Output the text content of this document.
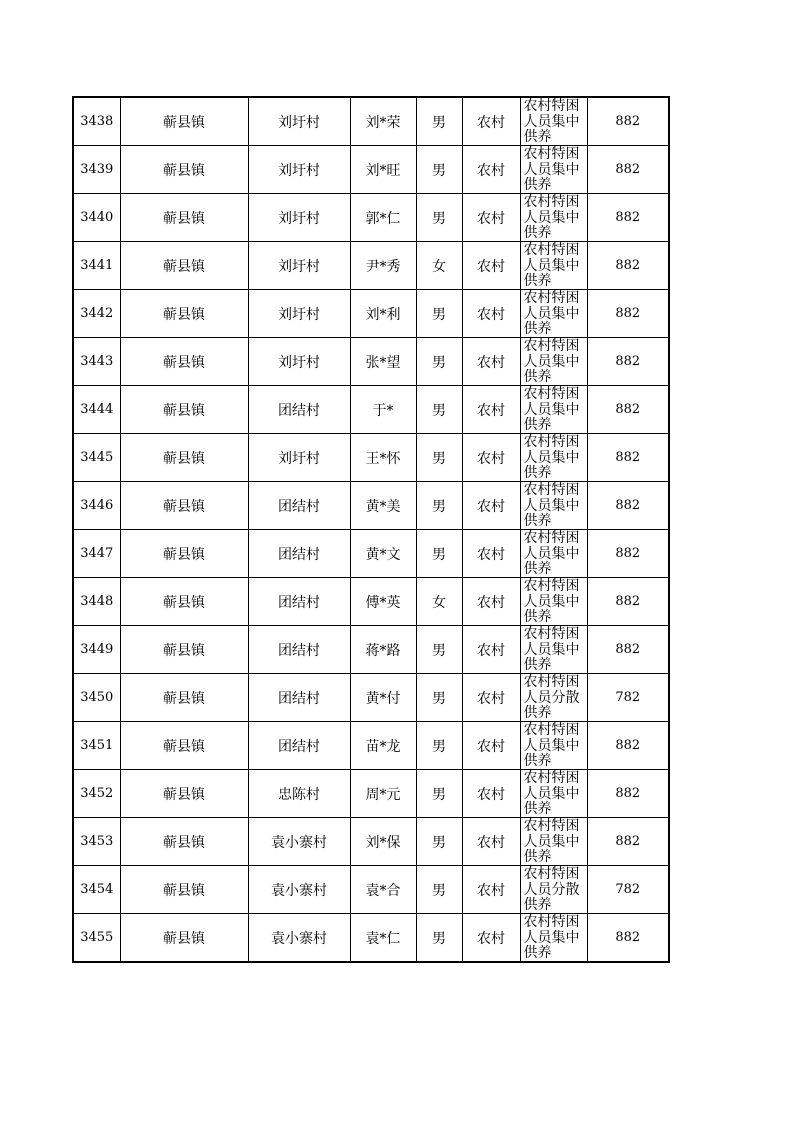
3438	蕲县镇	刘圩村	刘*荣	男	农村	农村特困人员集中供养	882
3439	蕲县镇	刘圩村	刘*旺	男	农村	农村特困人员集中供养	882
3440	蕲县镇	刘圩村	郭*仁	男	农村	农村特困人员集中供养	882
3441	蕲县镇	刘圩村	尹*秀	女	农村	农村特困人员集中供养	882
3442	蕲县镇	刘圩村	刘*利	男	农村	农村特困人员集中供养	882
3443	蕲县镇	刘圩村	张*望	男	农村	农村特困人员集中供养	882
3444	蕲县镇	团结村	于*	男	农村	农村特困人员集中供养	882
3445	蕲县镇	刘圩村	王*怀	男	农村	农村特困人员集中供养	882
3446	蕲县镇	团结村	黄*美	男	农村	农村特困人员集中供养	882
3447	蕲县镇	团结村	黄*文	男	农村	农村特困人员集中供养	882
3448	蕲县镇	团结村	傅*英	女	农村	农村特困人员集中供养	882
3449	蕲县镇	团结村	蒋*路	男	农村	农村特困人员集中供养	882
3450	蕲县镇	团结村	黄*付	男	农村	农村特困人员分散供养	782
3451	蕲县镇	团结村	苗*龙	男	农村	农村特困人员集中供养	882
3452	蕲县镇	忠陈村	周*元	男	农村	农村特困人员集中供养	882
3453	蕲县镇	袁小寨村	刘*保	男	农村	农村特困人员集中供养	882
3454	蕲县镇	袁小寨村	袁*合	男	农村	农村特困人员分散供养	782
3455	蕲县镇	袁小寨村	袁*仁	男	农村	农村特困人员集中供养	882
